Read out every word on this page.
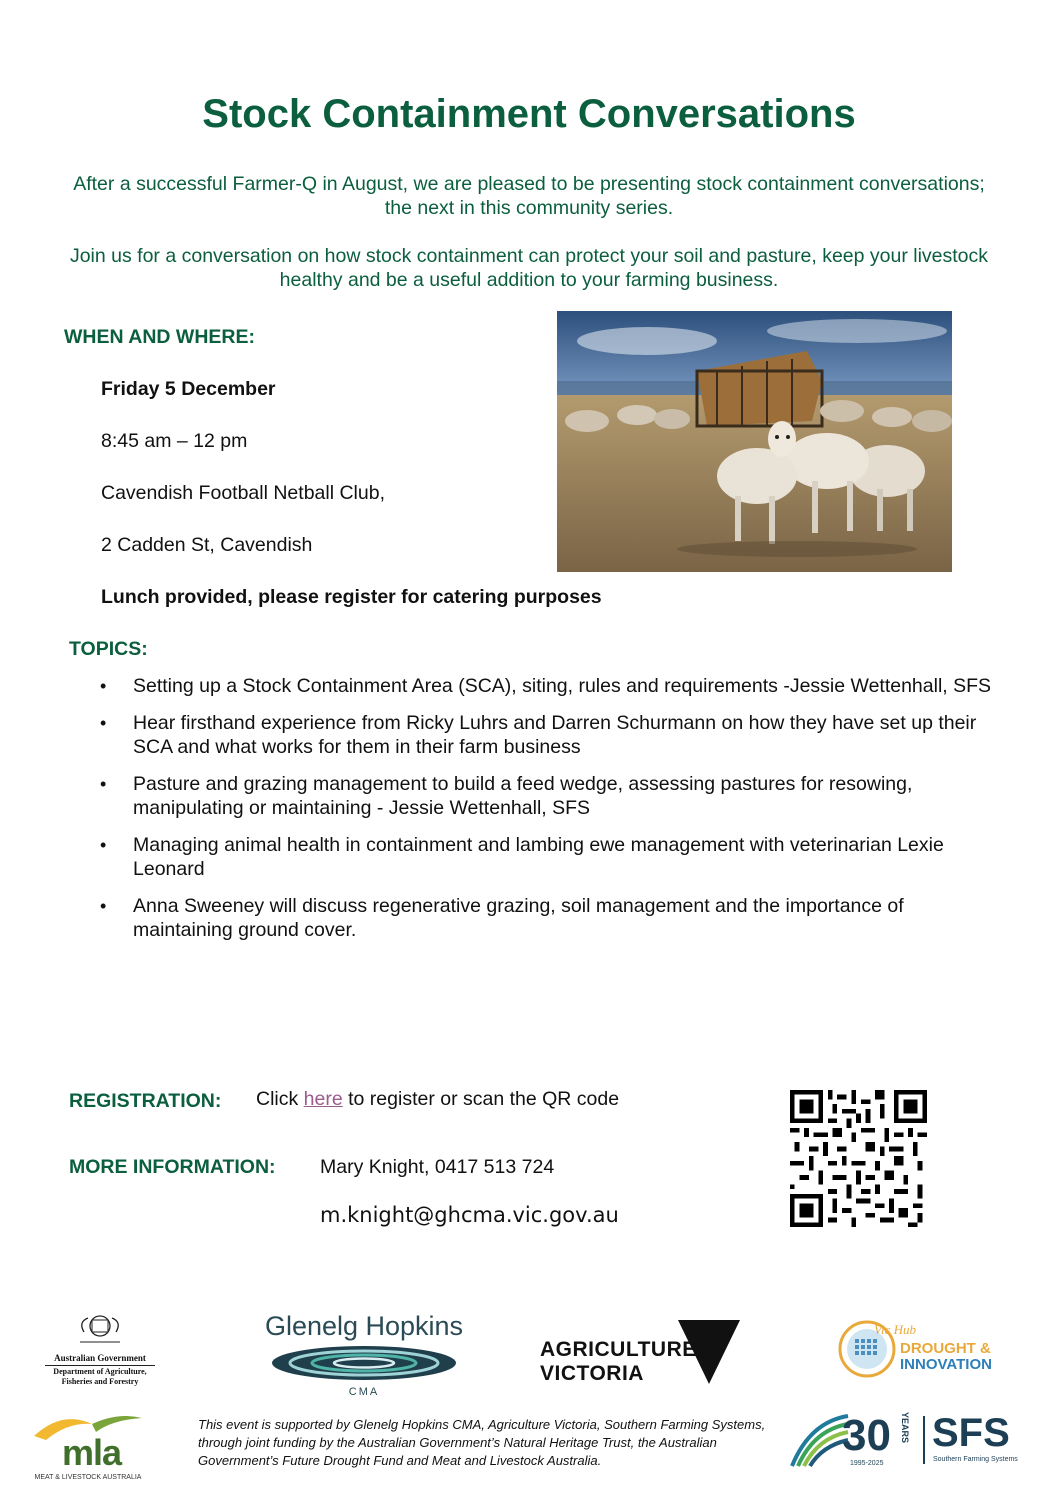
Stock Containment Conversations
After a successful Farmer-Q in August, we are pleased to be presenting stock containment conversations; the next in this community series.
Join us for a conversation on how stock containment can protect your soil and pasture, keep your livestock healthy and be a useful addition to your farming business.
WHEN AND WHERE:
Friday 5 December
8:45 am – 12 pm
Cavendish Football Netball Club,
2 Cadden St, Cavendish
Lunch provided, please register for catering purposes
TOPICS:
• Setting up a Stock Containment Area (SCA), siting, rules and requirements -Jessie Wettenhall, SFS
• Hear firsthand experience from Ricky Luhrs and Darren Schurmann on how they have set up their SCA and what works for them in their farm business
• Pasture and grazing management to build a feed wedge, assessing pastures for resowing, manipulating or maintaining - Jessie Wettenhall, SFS
• Managing animal health in containment and lambing ewe management with veterinarian Lexie Leonard
• Anna Sweeney will discuss regenerative grazing, soil management and the importance of maintaining ground cover.
REGISTRATION: Click here to register or scan the QR code
MORE INFORMATION: Mary Knight, 0417 513 724
m.knight@ghcma.vic.gov.au
Australian Government
Department of Agriculture,
Fisheries and Forestry
Glenelg Hopkins
CMA
AGRICULTURE VICTORIA
Vic Hub
DROUGHT &
INNOVATION
mla
MEAT & LIVESTOCK AUSTRALIA
This event is supported by Glenelg Hopkins CMA, Agriculture Victoria, Southern Farming Systems, through joint funding by the Australian Government’s Natural Heritage Trust, the Australian Government’s Future Drought Fund and Meat and Livestock Australia.
30 YEARS
1995-2025
SFS
Southern Farming Systems
